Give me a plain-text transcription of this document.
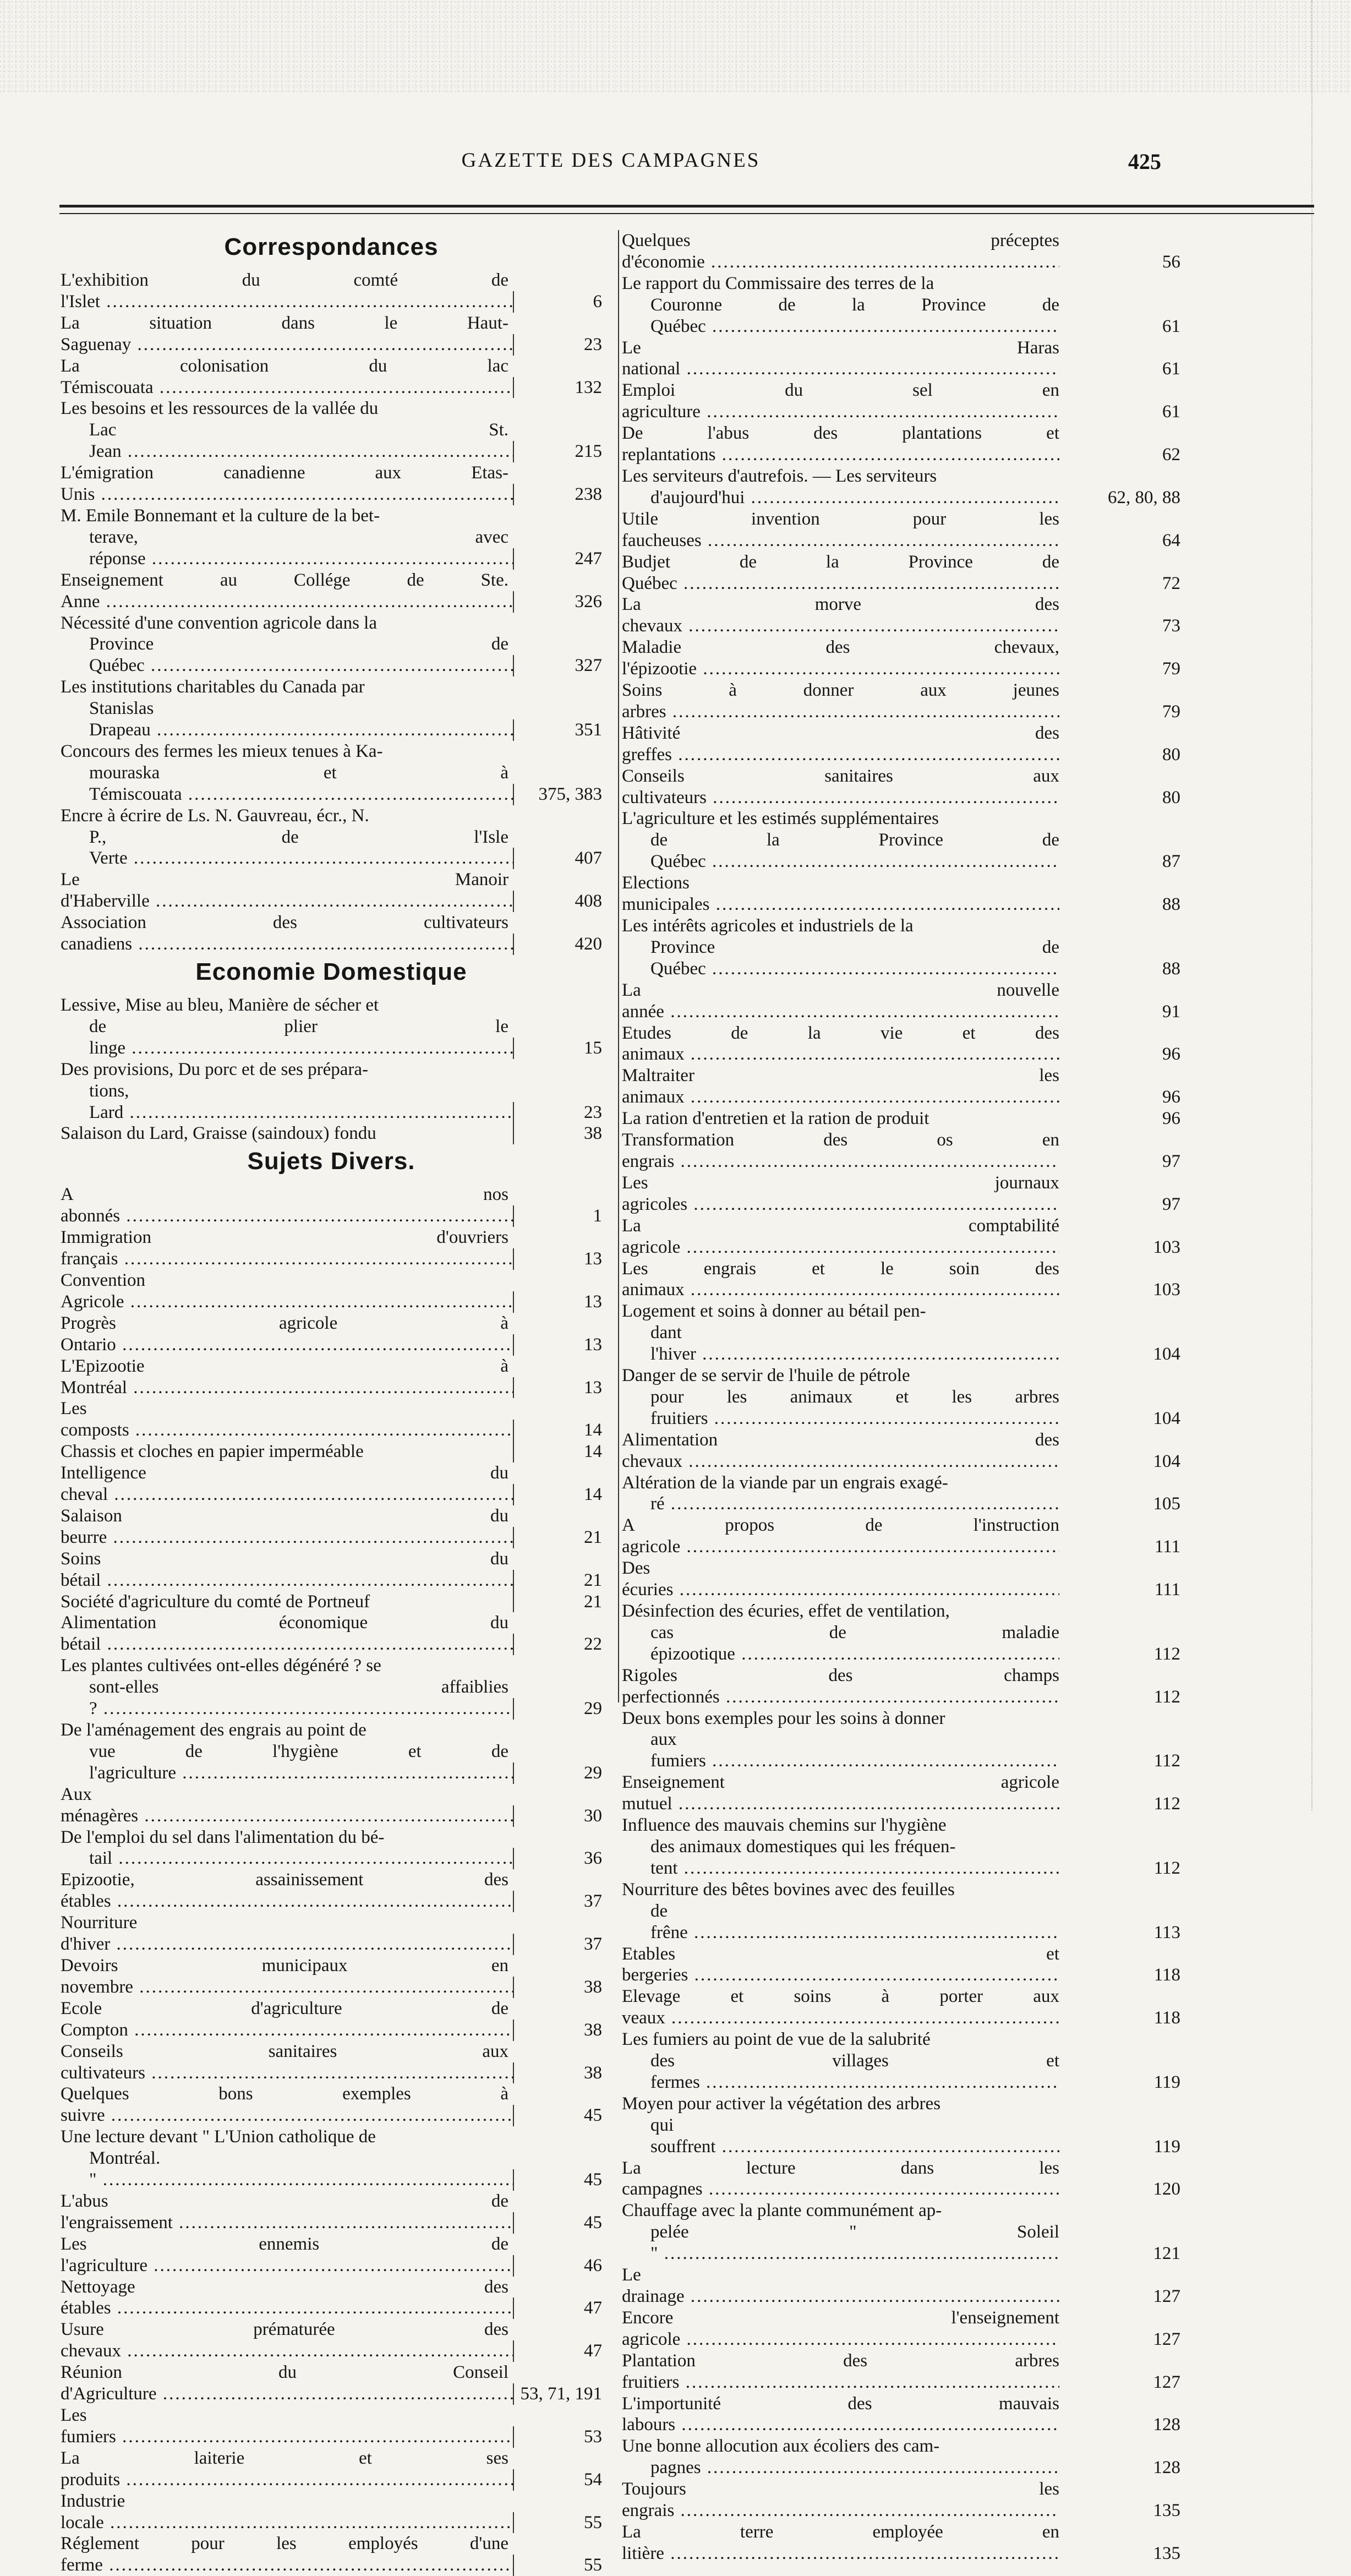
GAZETTE DES CAMPAGNES	425
Correspondances
L'exhibition du comté de l'Islet .....	6
La situation dans le Haut-Saguenay .....	23
La colonisation du lac Témiscouata .....	132
Les besoins et les ressources de la vallée du
Lac St. Jean .....	215
L'émigration canadienne aux Etas-Unis .....	238
M. Emile Bonnemant et la culture de la bet-
terave, avec réponse .....	247
Enseignement au Collége de Ste. Anne .....	326
Nécessité d'une convention agricole dans la
Province de Québec .....	327
Les institutions charitables du Canada par
Stanislas Drapeau .....	351
Concours des fermes les mieux tenues à Ka-
mouraska et à Témiscouata .....	375, 383
Encre à écrire de Ls. N. Gauvreau, écr., N.
P., de l'Isle Verte .....	407
Le Manoir d'Haberville .....	408
Association des cultivateurs canadiens .....	420
Economie Domestique
Lessive, Mise au bleu, Manière de sécher et
de plier le linge .....	15
Des provisions, Du porc et de ses prépara-
tions, Lard .....	23
Salaison du Lard, Graisse (saindoux) fondu	38
Sujets Divers.
A nos abonnés .....	1
Immigration d'ouvriers français .....	13
Convention Agricole .....	13
Progrès agricole à Ontario .....	13
L'Epizootie à Montréal .....	13
Les composts .....	14
Chassis et cloches en papier imperméable	14
Intelligence du cheval .....	14
Salaison du beurre .....	21
Soins du bétail .....	21
Société d'agriculture du comté de Portneuf	21
Alimentation économique du bétail .....	22
Les plantes cultivées ont-elles dégénéré ? se
sont-elles affaiblies ? .....	29
De l'aménagement des engrais au point de
vue de l'hygiène et de l'agriculture .....	29
Aux ménagères .....	30
De l'emploi du sel dans l'alimentation du bé-
tail .....	36
Epizootie, assainissement des étables .....	37
Nourriture d'hiver .....	37
Devoirs municipaux en novembre .....	38
Ecole d'agriculture de Compton .....	38
Conseils sanitaires aux cultivateurs .....	38
Quelques bons exemples à suivre .....	45
Une lecture devant " L'Union catholique de
Montréal. " .....	45
L'abus de l'engraissement .....	45
Les ennemis de l'agriculture .....	46
Nettoyage des étables .....	47
Usure prématurée des chevaux .....	47
Réunion du Conseil d'Agriculture .....	53, 71, 191
Les fumiers .....	53
La laiterie et ses produits .....	54
Industrie locale .....	55
Réglement pour les employés d'une ferme .....	55
Quelques préceptes d'économie .....	56
Le rapport du Commissaire des terres de la
Couronne de la Province de Québec .....	61
Le Haras national .....	61
Emploi du sel en agriculture .....	61
De l'abus des plantations et replantations .....	62
Les serviteurs d'autrefois. — Les serviteurs
d'aujourd'hui .....	62, 80, 88
Utile invention pour les faucheuses .....	64
Budjet de la Province de Québec .....	72
La morve des chevaux .....	73
Maladie des chevaux, l'épizootie .....	79
Soins à donner aux jeunes arbres .....	79
Hâtivité des greffes .....	80
Conseils sanitaires aux cultivateurs .....	80
L'agriculture et les estimés supplémentaires
de la Province de Québec .....	87
Elections municipales .....	88
Les intérêts agricoles et industriels de la
Province de Québec .....	88
La nouvelle année .....	91
Etudes de la vie et des animaux .....	96
Maltraiter les animaux .....	96
La ration d'entretien et la ration de produit	96
Transformation des os en engrais .....	97
Les journaux agricoles .....	97
La comptabilité agricole .....	103
Les engrais et le soin des animaux .....	103
Logement et soins à donner au bétail pen-
dant l'hiver .....	104
Danger de se servir de l'huile de pétrole
pour les animaux et les arbres fruitiers .....	104
Alimentation des chevaux .....	104
Altération de la viande par un engrais exagé-
ré .....	105
A propos de l'instruction agricole .....	111
Des écuries .....	111
Désinfection des écuries, effet de ventilation,
cas de maladie épizootique .....	112
Rigoles des champs perfectionnés .....	112
Deux bons exemples pour les soins à donner
aux fumiers .....	112
Enseignement agricole mutuel .....	112
Influence des mauvais chemins sur l'hygiène
des animaux domestiques qui les fréquen-
tent .....	112
Nourriture des bêtes bovines avec des feuilles
de frêne .....	113
Etables et bergeries .....	118
Elevage et soins à porter aux veaux .....	118
Les fumiers au point de vue de la salubrité
des villages et fermes .....	119
Moyen pour activer la végétation des arbres
qui souffrent .....	119
La lecture dans les campagnes .....	120
Chauffage avec la plante communément ap-
pelée " Soleil " .....	121
Le drainage .....	127
Encore l'enseignement agricole .....	127
Plantation des arbres fruitiers .....	127
L'importunité des mauvais labours .....	128
Une bonne allocution aux écoliers des cam-
pagnes .....	128
Toujours les engrais .....	135
La terre employée en litière .....	135
